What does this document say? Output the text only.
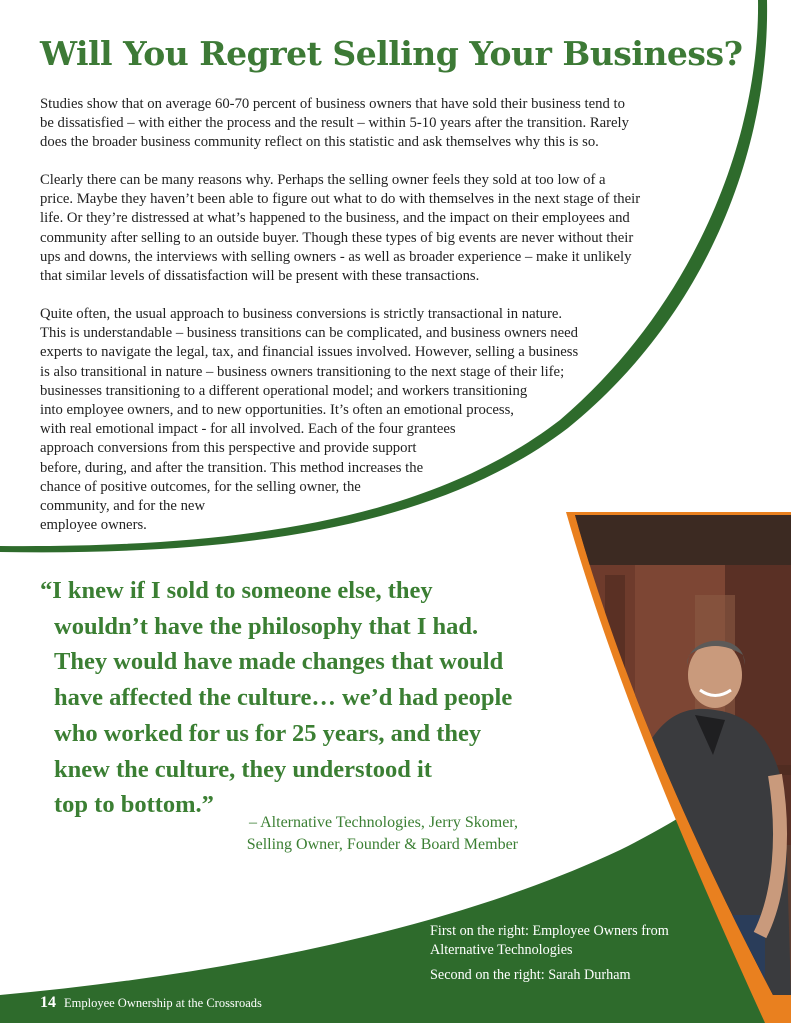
Will You Regret Selling Your Business?

Studies show that on average 60-70 percent of business owners that have sold their business tend to
be dissatisfied – with either the process and the result – within 5-10 years after the transition. Rarely
does the broader business community reflect on this statistic and ask themselves why this is so.

Clearly there can be many reasons why. Perhaps the selling owner feels they sold at too low of a
price. Maybe they haven’t been able to figure out what to do with themselves in the next stage of their
life. Or they’re distressed at what’s happened to the business, and the impact on their employees and
community after selling to an outside buyer. Though these types of big events are never without their
ups and downs, the interviews with selling owners - as well as broader experience – make it unlikely
that similar levels of dissatisfaction will be present with these transactions.

Quite often, the usual approach to business conversions is strictly transactional in nature.
This is understandable – business transitions can be complicated, and business owners need
experts to navigate the legal, tax, and financial issues involved. However, selling a business
is also transitional in nature – business owners transitioning to the next stage of their life;
businesses transitioning to a different operational model; and workers transitioning
into employee owners, and to new opportunities. It’s often an emotional process,
with real emotional impact - for all involved. Each of the four grantees
approach conversions from this perspective and provide support
before, during, and after the transition. This method increases the
chance of positive outcomes, for the selling owner, the
community, and for the new
employee owners.

“I knew if I sold to someone else, they
wouldn’t have the philosophy that I had.
They would have made changes that would
have affected the culture… we’d had people
who worked for us for 25 years, and they
knew the culture, they understood it
top to bottom.”
– Alternative Technologies, Jerry Skomer,
Selling Owner, Founder & Board Member
First on the right: Employee Owners from Alternative Technologies
Second on the right: Sarah Durham
14 Employee Ownership at the Crossroads
